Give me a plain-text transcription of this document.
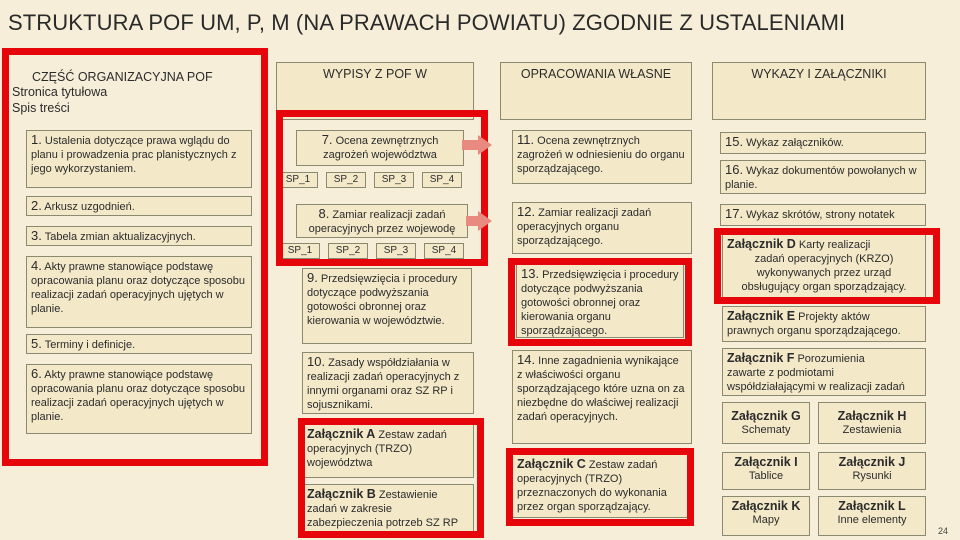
STRUKTURA POF UM, P, M (NA PRAWACH POWIATU) ZGODNIE Z USTALENIAMI
CZĘŚĆ ORGANIZACYJNA POF
Stronica tytułowa
Spis treści
1. Ustalenia dotyczące prawa wglądu do planu i prowadzenia prac planistycznych z jego wykorzystaniem.
2. Arkusz uzgodnień.
3. Tabela zmian aktualizacyjnych.
4. Akty prawne stanowiące podstawę opracowania planu oraz dotyczące sposobu realizacji zadań operacyjnych ujętych w planie.
5. Terminy i definicje.
6. Akty prawne stanowiące podstawę opracowania planu oraz dotyczące sposobu realizacji zadań operacyjnych ujętych w planie.
WYPISY Z POF W
7. Ocena zewnętrznych zagrożeń województwa
SP_1	SP_2	SP_3	SP_4
8. Zamiar realizacji zadań operacyjnych przez wojewodę
SP_1	SP_2	SP_3	SP_4
9. Przedsięwzięcia i procedury dotyczące podwyższania gotowości obronnej oraz kierowania w województwie.
10. Zasady współdziałania w realizacji zadań operacyjnych z innymi organami oraz SZ RP i sojusznikami.
Załącznik A Zestaw zadań operacyjnych (TRZO) województwa
Załącznik B Zestawienie zadań w zakresie zabezpieczenia potrzeb SZ RP
OPRACOWANIA WŁASNE
11. Ocena zewnętrznych zagrożeń w odniesieniu do organu sporządzającego.
12. Zamiar realizacji zadań operacyjnych organu sporządzającego.
13. Przedsięwzięcia i procedury dotyczące podwyższania gotowości obronnej oraz kierowania organu sporządzającego.
14. Inne zagadnienia wynikające z właściwości organu sporządzającego które uzna on za niezbędne do właściwej realizacji zadań operacyjnych.
Załącznik C Zestaw zadań operacyjnych (TRZO) przeznaczonych do wykonania przez organ sporządzający.
WYKAZY I ZAŁĄCZNIKI
15. Wykaz załączników.
16. Wykaz dokumentów powołanych w planie.
17. Wykaz skrótów, strony notatek
Załącznik D Karty realizacji
zadań operacyjnych (KRZO) wykonywanych przez urząd obsługujący organ sporządzający.
Załącznik E Projekty aktów
prawnych organu sporządzającego.
Załącznik F Porozumienia
zawarte z podmiotami współdziałającymi w realizacji zadań
Załącznik G
Schematy
Załącznik H
Zestawienia
Załącznik I
Tablice
Załącznik J
Rysunki
Załącznik K
Mapy
Załącznik L
Inne elementy
24
